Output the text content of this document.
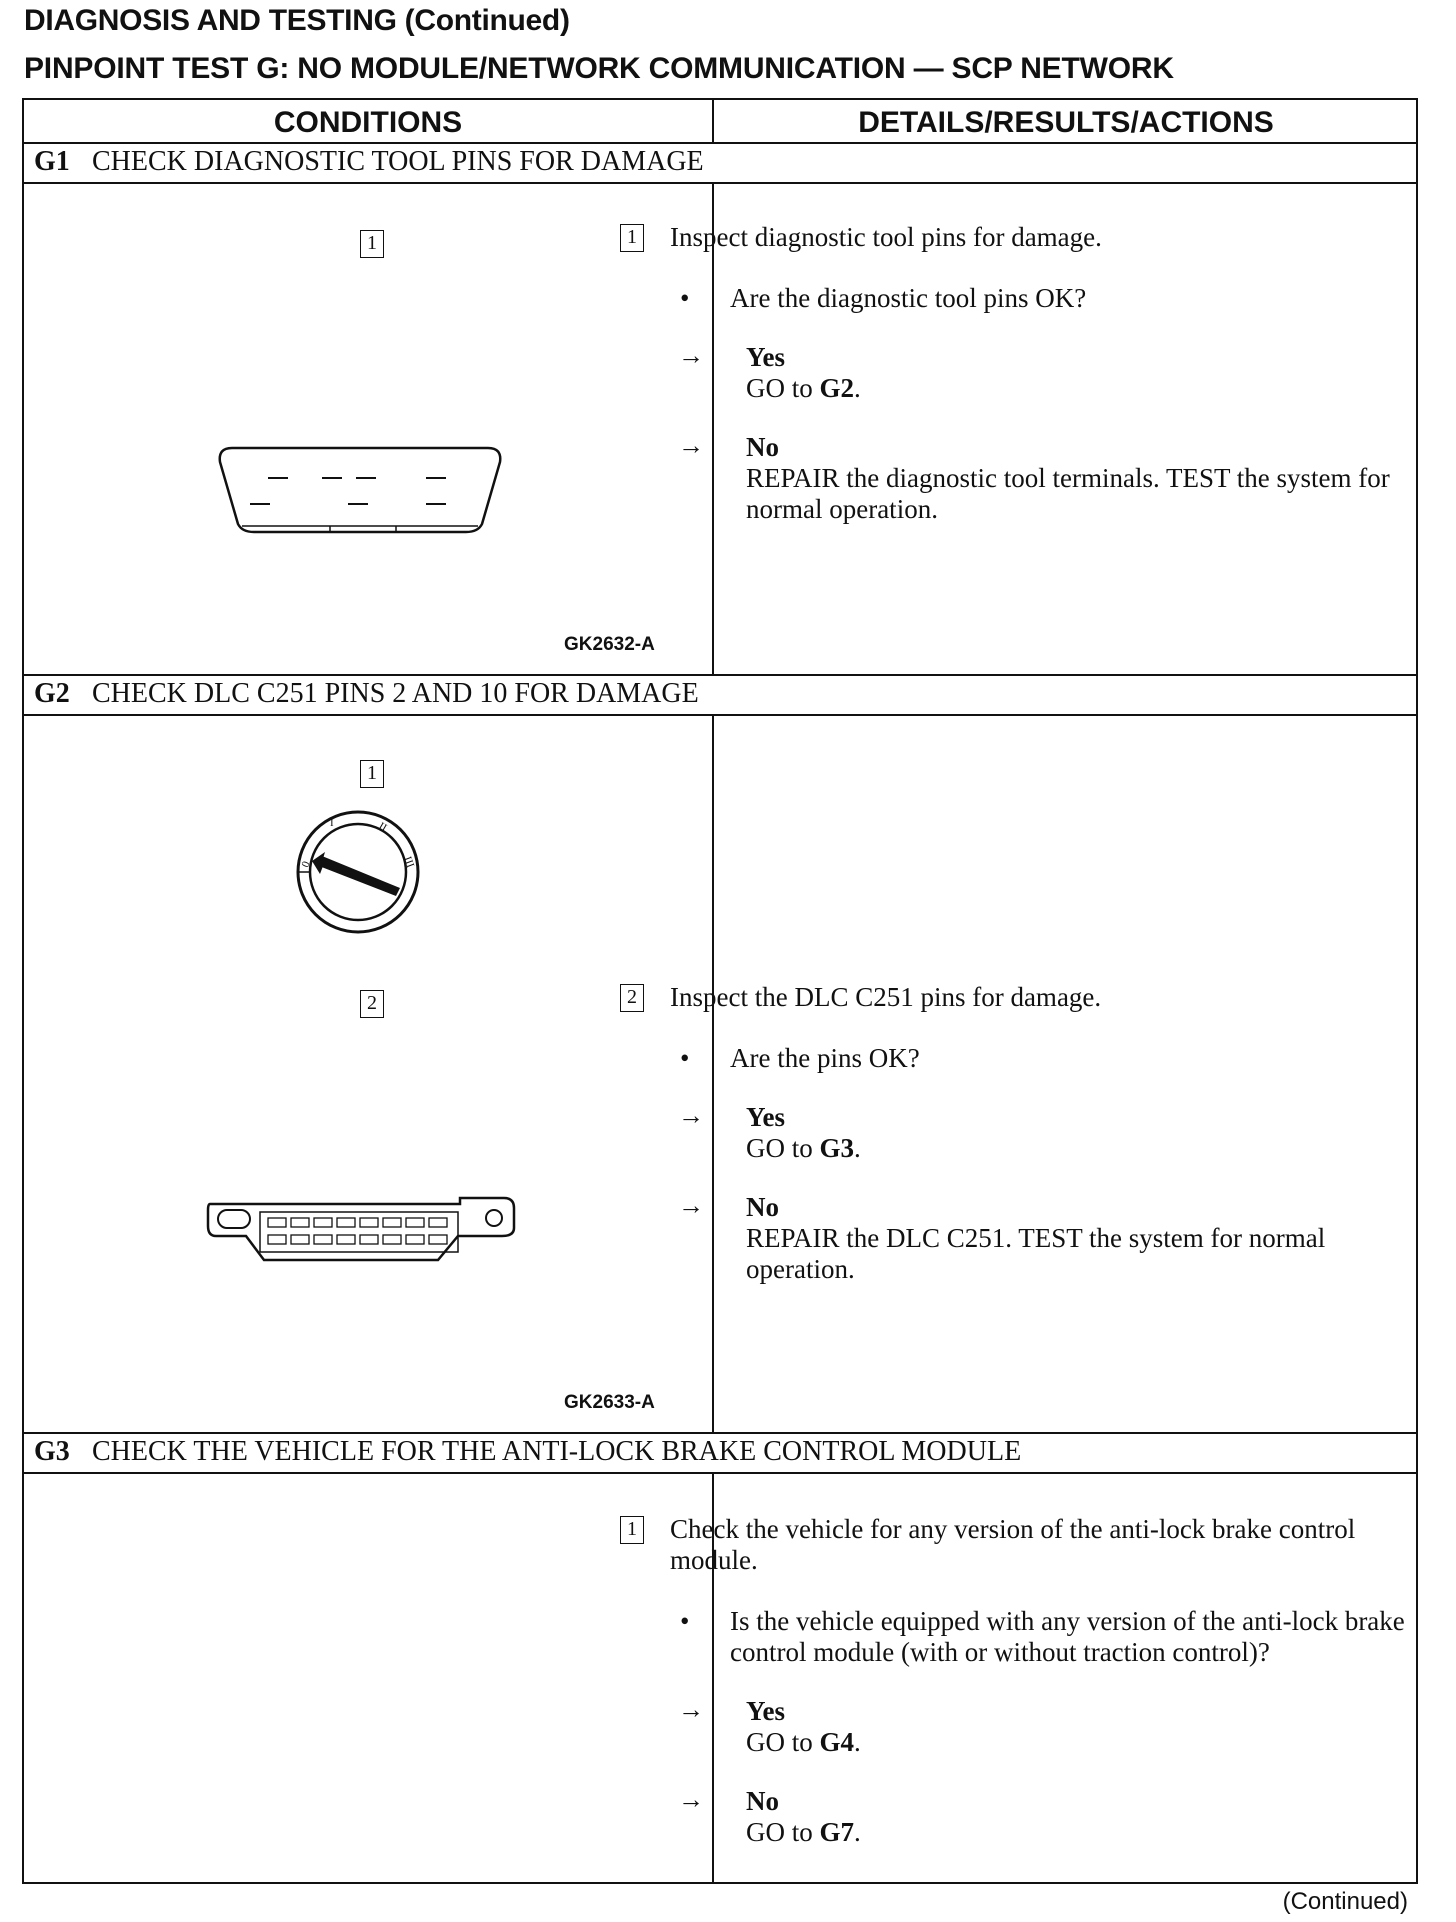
DIAGNOSIS AND TESTING (Continued)
PINPOINT TEST G: NO MODULE/NETWORK COMMUNICATION — SCP NETWORK
CONDITIONS	DETAILS/RESULTS/ACTIONS
G1 CHECK DIAGNOSTIC TOOL PINS FOR DAMAGE
1
GK2632-A
1 Inspect diagnostic tool pins for damage.
• Are the diagnostic tool pins OK?
→ Yes
GO to G2.
→ No
REPAIR the diagnostic tool terminals. TEST the system for normal operation.
G2 CHECK DLC C251 PINS 2 AND 10 FOR DAMAGE
1
0
I	II
III
2
GK2633-A
2 Inspect the DLC C251 pins for damage.
• Are the pins OK?
→ Yes
GO to G3.
→ No
REPAIR the DLC C251. TEST the system for normal operation.
G3 CHECK THE VEHICLE FOR THE ANTI-LOCK BRAKE CONTROL MODULE
1 Check the vehicle for any version of the anti-lock brake control module.
• Is the vehicle equipped with any version of the anti-lock brake control module (with or without traction control)?
→ Yes
GO to G4.
→ No
GO to G7.
(Continued)
